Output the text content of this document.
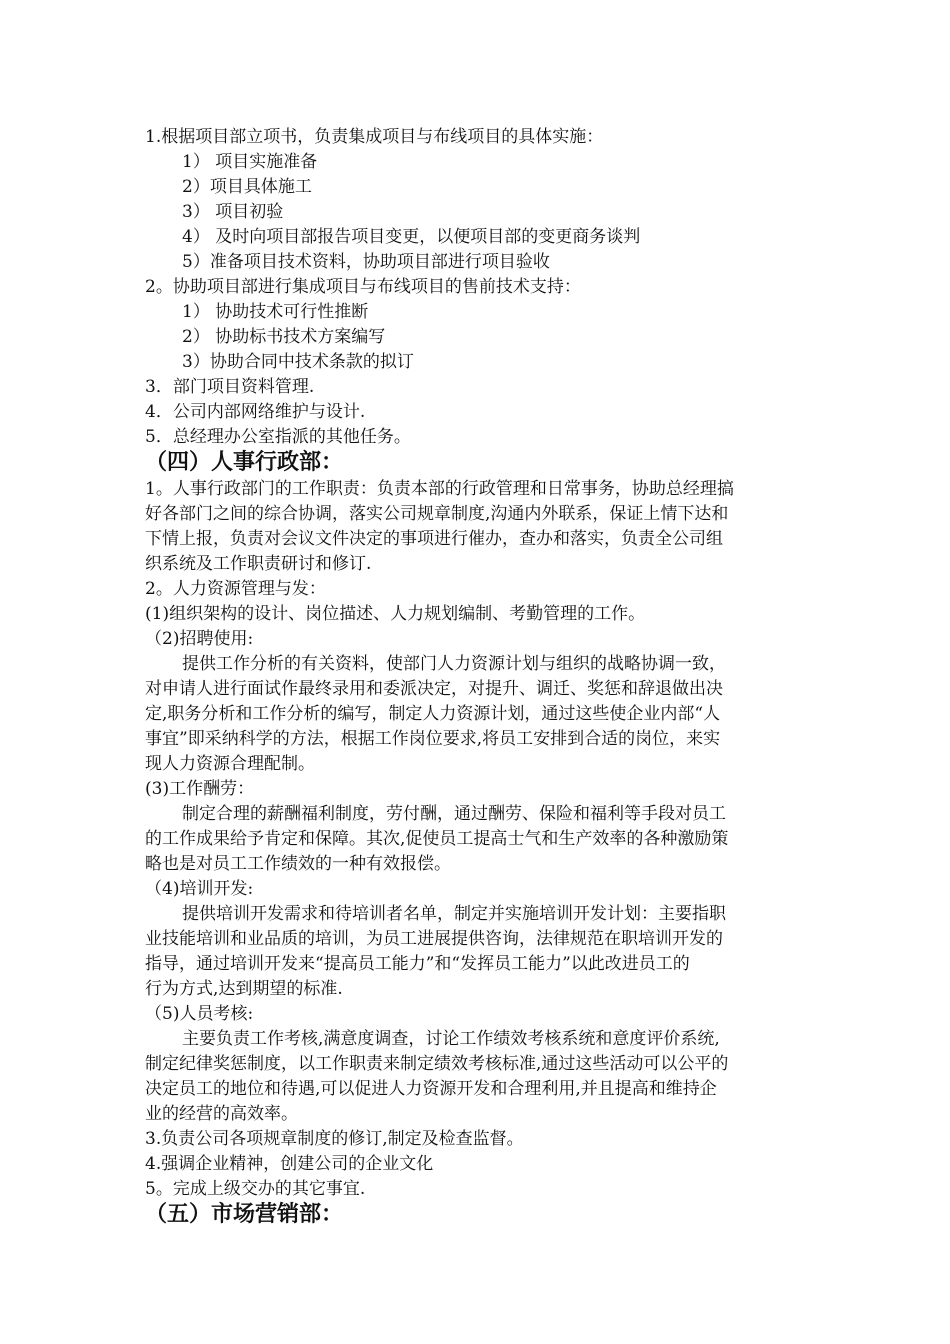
1.根据项目部立项书，负责集成项目与布线项目的具体实施：
1） 项目实施准备
2）项目具体施工
3） 项目初验
4） 及时向项目部报告项目变更，以便项目部的变更商务谈判
5）准备项目技术资料，协助项目部进行项目验收
2。协助项目部进行集成项目与布线项目的售前技术支持：
1） 协助技术可行性推断
2） 协助标书技术方案编写
3）协助合同中技术条款的拟订
3．部门项目资料管理.
4．公司内部网络维护与设计.
5．总经理办公室指派的其他任务。
（四）人事行政部：
1。人事行政部门的工作职责：负责本部的行政管理和日常事务，协助总经理搞
好各部门之间的综合协调，落实公司规章制度,沟通内外联系，保证上情下达和
下情上报，负责对会议文件决定的事项进行催办，查办和落实，负责全公司组
织系统及工作职责研讨和修订.
2。人力资源管理与发：
(1)组织架构的设计、岗位描述、人力规划编制、考勤管理的工作。
（2)招聘使用:
提供工作分析的有关资料，使部门人力资源计划与组织的战略协调一致，
对申请人进行面试作最终录用和委派决定，对提升、调迁、奖惩和辞退做出决
定,职务分析和工作分析的编写，制定人力资源计划，通过这些使企业内部“人
事宜”即采纳科学的方法，根据工作岗位要求,将员工安排到合适的岗位，来实
现人力资源合理配制。
(3)工作酬劳：
制定合理的薪酬福利制度，劳付酬，通过酬劳、保险和福利等手段对员工
的工作成果给予肯定和保障。其次,促使员工提高士气和生产效率的各种激励策
略也是对员工工作绩效的一种有效报偿。
（4)培训开发:
提供培训开发需求和待培训者名单，制定并实施培训开发计划：主要指职
业技能培训和业品质的培训，为员工进展提供咨询，法律规范在职培训开发的
指导，通过培训开发来“提高员工能力”和“发挥员工能力”以此改进员工的
行为方式,达到期望的标准.
（5)人员考核:
主要负责工作考核,满意度调查，讨论工作绩效考核系统和意度评价系统,
制定纪律奖惩制度，以工作职责来制定绩效考核标准,通过这些活动可以公平的
决定员工的地位和待遇,可以促进人力资源开发和合理利用,并且提高和维持企
业的经营的高效率。
3.负责公司各项规章制度的修订,制定及检查监督。
4.强调企业精神，创建公司的企业文化
5。完成上级交办的其它事宜.
（五）市场营销部：
